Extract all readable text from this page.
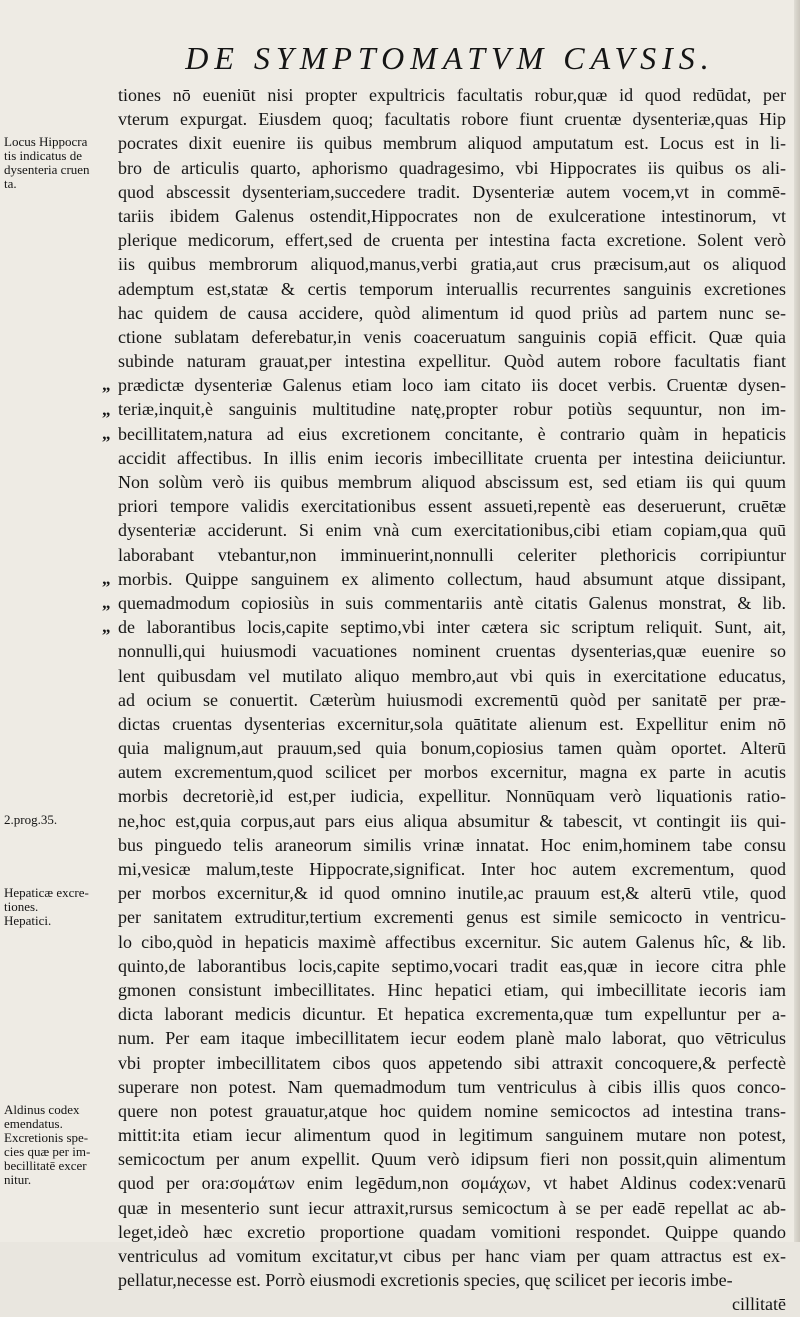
DE SYMPTOMATVM CAVSIS.
Locus Hippocra
tis indicatus de
dysenteria cruen
ta.
2.prog.35.
Hepaticæ excre-
tiones.
Hepatici.
Aldinus codex
emendatus.
Excretionis spe-
cies quæ per im-
becillitatē excer
nitur.
„
„
„
„
„
„
tiones nō eueniūt nisi propter expultricis facultatis robur,quæ id quod redūdat, per
vterum expurgat. Eiusdem quoq; facultatis robore fiunt cruentæ dysenteriæ,quas Hip
pocrates dixit euenire iis quibus membrum aliquod amputatum est. Locus est in li-
bro de articulis quarto, aphorismo quadragesimo, vbi Hippocrates iis quibus os ali-
quod abscessit dysenteriam,succedere tradit. Dysenteriæ autem vocem,vt in commē-
tariis ibidem Galenus ostendit,Hippocrates non de exulceratione intestinorum, vt
plerique medicorum, effert,sed de cruenta per intestina facta excretione. Solent verò
iis quibus membrorum aliquod,manus,verbi gratia,aut crus præcisum,aut os aliquod
ademptum est,statæ & certis temporum interuallis recurrentes sanguinis excretiones
hac quidem de causa accidere, quòd alimentum id quod priùs ad partem nunc se-
ctione sublatam deferebatur,in venis coaceruatum sanguinis copiā efficit. Quæ quia
subinde naturam grauat,per intestina expellitur. Quòd autem robore facultatis fiant
prædictæ dysenteriæ Galenus etiam loco iam citato iis docet verbis. Cruentæ dysen-
teriæ,inquit,è sanguinis multitudine natę,propter robur potiùs sequuntur, non im-
becillitatem,natura ad eius excretionem concitante, è contrario quàm in hepaticis
accidit affectibus. In illis enim iecoris imbecillitate cruenta per intestina deiiciuntur.
Non solùm verò iis quibus membrum aliquod abscissum est, sed etiam iis qui quum
priori tempore validis exercitationibus essent assueti,repentè eas deseruerunt, cruētæ
dysenteriæ acciderunt. Si enim vnà cum exercitationibus,cibi etiam copiam,qua quū
laborabant vtebantur,non imminuerint,nonnulli celeriter plethoricis corripiuntur
morbis. Quippe sanguinem ex alimento collectum, haud absumunt atque dissipant,
quemadmodum copiosiùs in suis commentariis antè citatis Galenus monstrat, & lib.
de laborantibus locis,capite septimo,vbi inter cætera sic scriptum reliquit. Sunt, ait,
nonnulli,qui huiusmodi vacuationes nominent cruentas dysenterias,quæ euenire so
lent quibusdam vel mutilato aliquo membro,aut vbi quis in exercitatione educatus,
ad ocium se conuertit. Cæterùm huiusmodi excrementū quòd per sanitatē per præ-
dictas cruentas dysenterias excernitur,sola quātitate alienum est. Expellitur enim nō
quia malignum,aut prauum,sed quia bonum,copiosius tamen quàm oportet. Alterū
autem excrementum,quod scilicet per morbos excernitur, magna ex parte in acutis
morbis decretoriè,id est,per iudicia, expellitur. Nonnūquam verò liquationis ratio-
ne,hoc est,quia corpus,aut pars eius aliqua absumitur & tabescit, vt contingit iis qui-
bus pinguedo telis araneorum similis vrinæ innatat. Hoc enim,hominem tabe consu
mi,vesicæ malum,teste Hippocrate,significat. Inter hoc autem excrementum, quod
per morbos excernitur,& id quod omnino inutile,ac prauum est,& alterū vtile, quod
per sanitatem extruditur,tertium excrementi genus est simile semicocto in ventricu-
lo cibo,quòd in hepaticis maximè affectibus excernitur. Sic autem Galenus hîc, & lib.
quinto,de laborantibus locis,capite septimo,vocari tradit eas,quæ in iecore citra phle
gmonen consistunt imbecillitates. Hinc hepatici etiam, qui imbecillitate iecoris iam
dicta laborant medicis dicuntur. Et hepatica excrementa,quæ tum expelluntur per a-
num. Per eam itaque imbecillitatem iecur eodem planè malo laborat, quo vētriculus
vbi propter imbecillitatem cibos quos appetendo sibi attraxit concoquere,& perfectè
superare non potest. Nam quemadmodum tum ventriculus à cibis illis quos conco-
quere non potest grauatur,atque hoc quidem nomine semicoctos ad intestina trans-
mittit:ita etiam iecur alimentum quod in legitimum sanguinem mutare non potest,
semicoctum per anum expellit. Quum verò idipsum fieri non possit,quin alimentum
quod per ora:σομάτων enim legēdum,non σομάχων, vt habet Aldinus codex:venarū
quæ in mesenterio sunt iecur attraxit,rursus semicoctum à se per eadē repellat ac ab-
leget,ideò hæc excretio proportione quadam vomitioni respondet. Quippe quando
ventriculus ad vomitum excitatur,vt cibus per hanc viam per quam attractus est ex-
pellatur,necesse est. Porrò eiusmodi excretionis species, quę scilicet per iecoris imbe-
cillitatē
